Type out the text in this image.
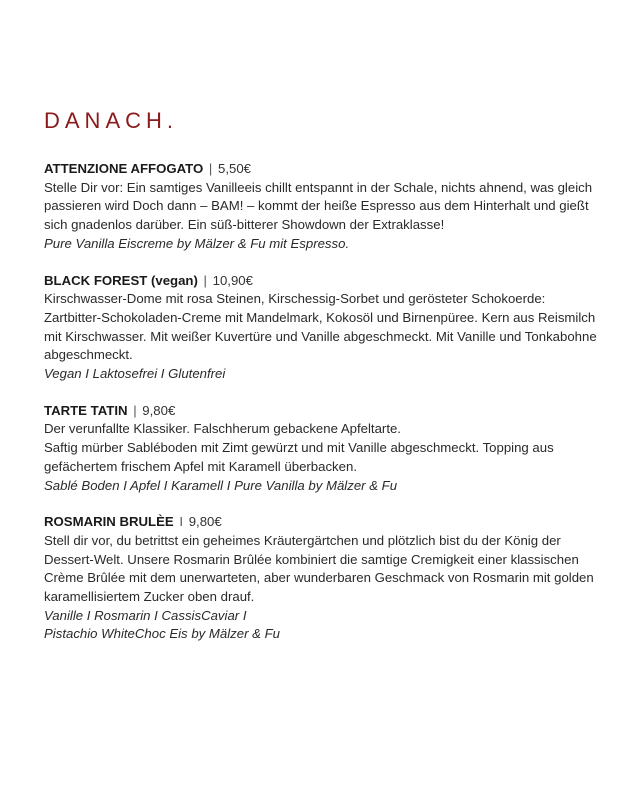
DANACH.
ATTENZIONE AFFOGATO | 5,50€

Stelle Dir vor: Ein samtiges Vanilleeis chillt entspannt in der Schale, nichts ahnend, was gleich passieren wird Doch dann – BAM! – kommt der heiße Espresso aus dem Hinterhalt und gießt sich gnadenlos darüber. Ein süß-bitterer Showdown der Extraklasse!

Pure Vanilla Eiscreme by Mälzer & Fu mit Espresso.

BLACK FOREST (vegan) | 10,90€

Kirschwasser-Dome mit rosa Steinen, Kirschessig-Sorbet und gerösteter Schokoerde: Zartbitter-Schokoladen-Creme mit Mandelmark, Kokosöl und Birnenpüree. Kern aus Reismilch mit Kirschwasser. Mit weißer Kuvertüre und Vanille abgeschmeckt. Mit Vanille und Tonkabohne abgeschmeckt.

Vegan I Laktosefrei I Glutenfrei

TARTE TATIN | 9,80€

Der verunfallte Klassiker. Falschherum gebackene Apfeltarte.

Saftig mürber Sabléboden mit Zimt gewürzt und mit Vanille abgeschmeckt. Topping aus gefächertem frischem Apfel mit Karamell überbacken.

Sablé Boden I Apfel I Karamell I Pure Vanilla by Mälzer & Fu

ROSMARIN BRULÈE I 9,80€

Stell dir vor, du betrittst ein geheimes Kräutergärtchen und plötzlich bist du der König der Dessert-Welt. Unsere Rosmarin Brûlée kombiniert die samtige Cremigkeit einer klassischen Crème Brûlée mit dem unerwarteten, aber wunderbaren Geschmack von Rosmarin mit golden karamellisiertem Zucker oben drauf.

Vanille I Rosmarin I CassisCaviar I

Pistachio WhiteChoc Eis by Mälzer & Fu
